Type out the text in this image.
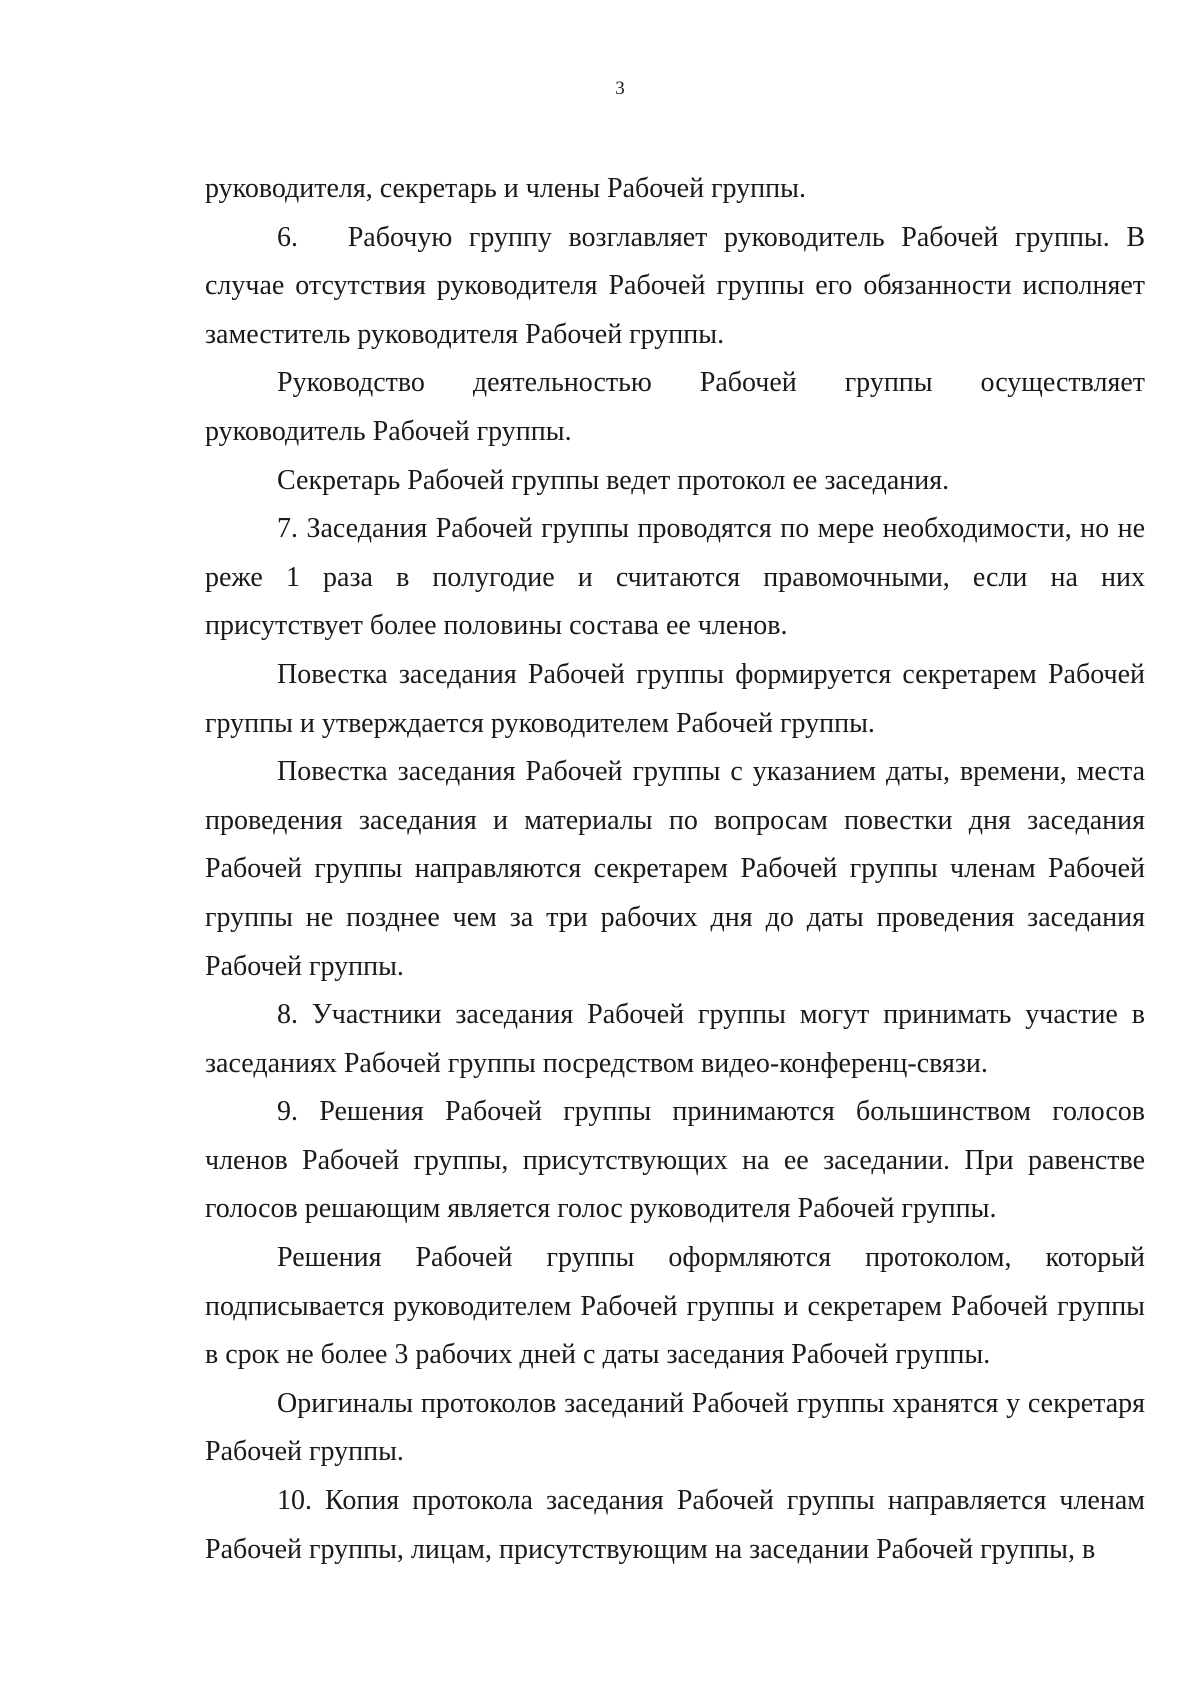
3

руководителя, секретарь и члены Рабочей группы.

6.   Рабочую группу возглавляет руководитель Рабочей группы. В случае отсутствия руководителя Рабочей группы его обязанности исполняет заместитель руководителя Рабочей группы.

Руководство деятельностью Рабочей группы осуществляет руководитель Рабочей группы.

Секретарь Рабочей группы ведет протокол ее заседания.

7. Заседания Рабочей группы проводятся по мере необходимости, но не реже 1 раза в полугодие и считаются правомочными, если на них присутствует более половины состава ее членов.

Повестка заседания Рабочей группы формируется секретарем Рабочей группы и утверждается руководителем Рабочей группы.

Повестка заседания Рабочей группы с указанием даты, времени, места проведения заседания и материалы по вопросам повестки дня заседания Рабочей группы направляются секретарем Рабочей группы членам Рабочей группы не позднее чем за три рабочих дня до даты проведения заседания Рабочей группы.

8. Участники заседания Рабочей группы могут принимать участие в заседаниях Рабочей группы посредством видео-конференц-связи.

9. Решения Рабочей группы принимаются большинством голосов членов Рабочей группы, присутствующих на ее заседании. При равенстве голосов решающим является голос руководителя Рабочей группы.

Решения Рабочей группы оформляются протоколом, который подписывается руководителем Рабочей группы и секретарем Рабочей группы в срок не более 3 рабочих дней с даты заседания Рабочей группы.

Оригиналы протоколов заседаний Рабочей группы хранятся у секретаря Рабочей группы.

10. Копия протокола заседания Рабочей группы направляется членам Рабочей группы, лицам, присутствующим на заседании Рабочей группы, в
